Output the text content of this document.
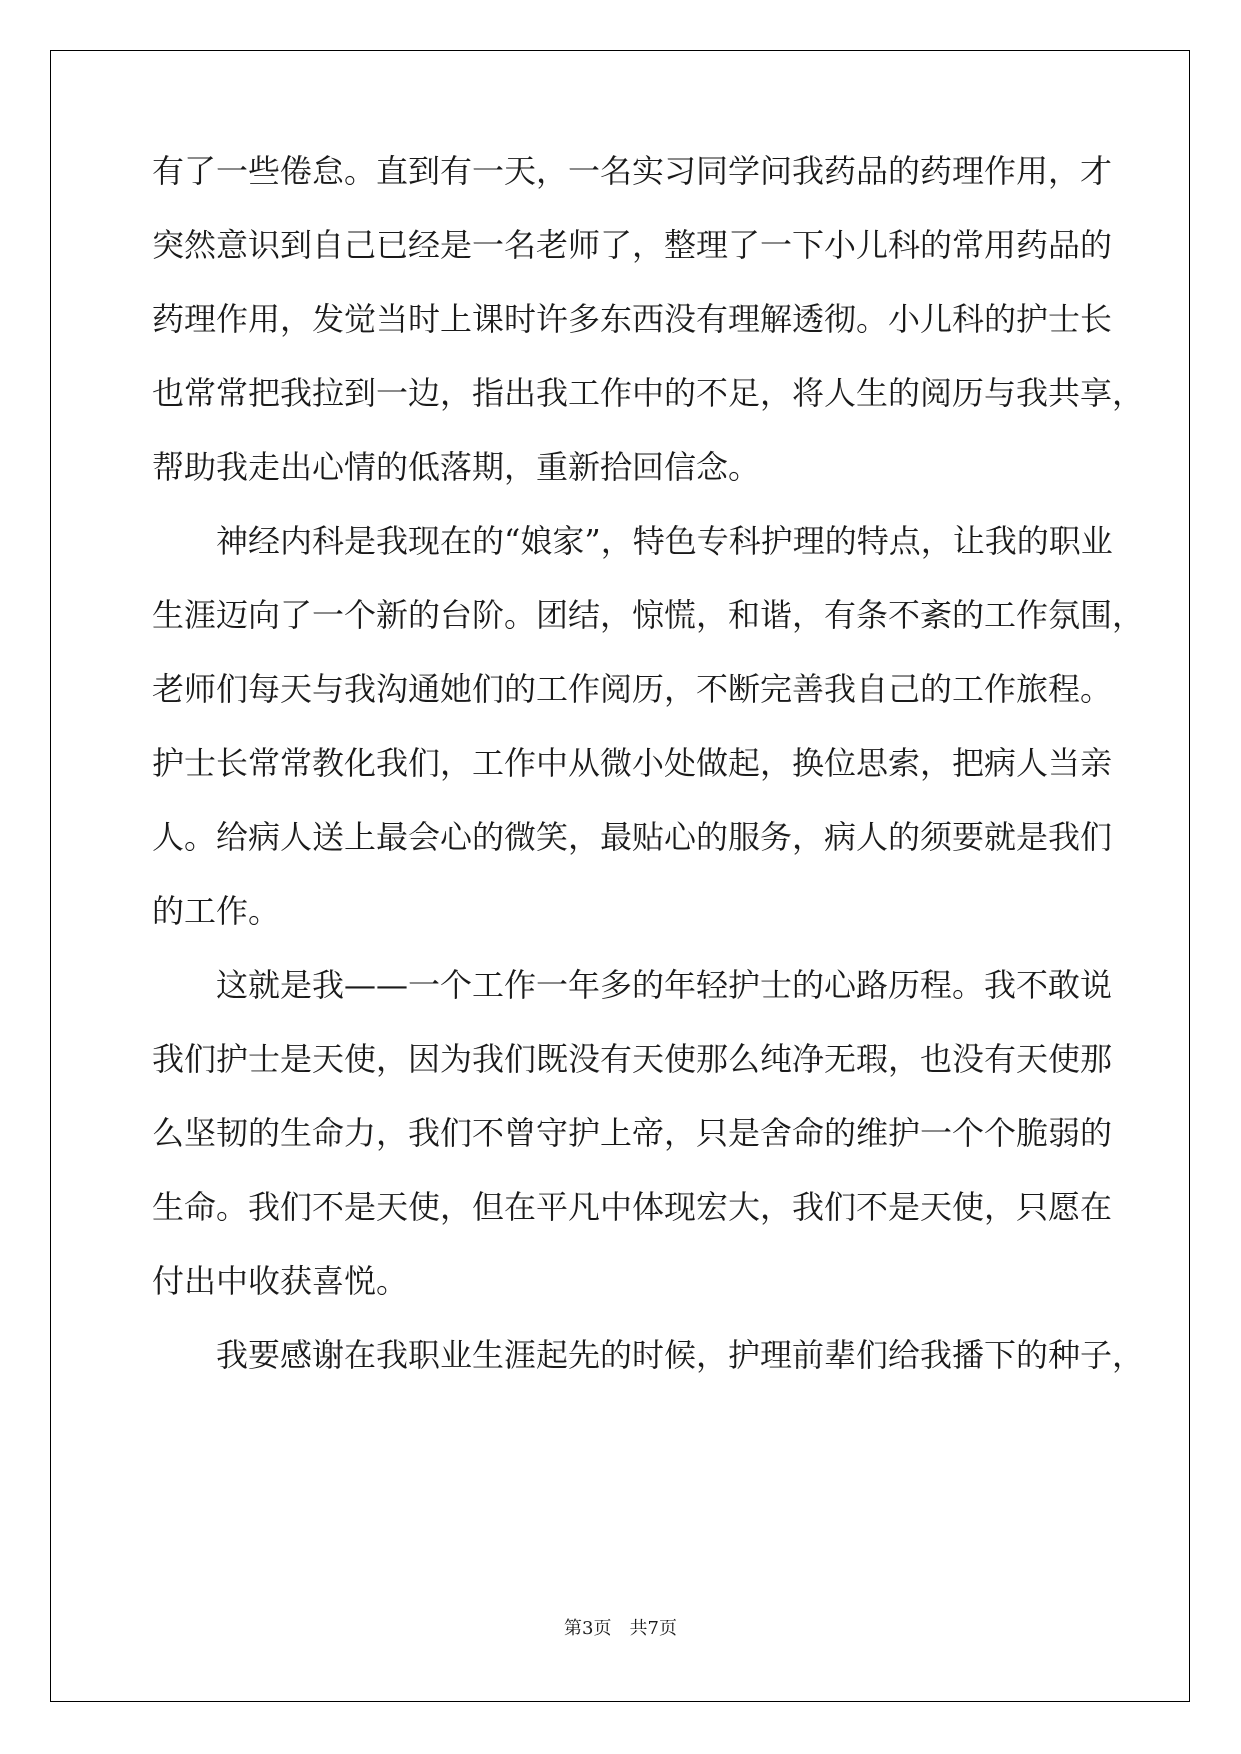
有了一些倦怠。直到有一天，一名实习同学问我药品的药理作用，才

突然意识到自己已经是一名老师了，整理了一下小儿科的常用药品的

药理作用，发觉当时上课时许多东西没有理解透彻。小儿科的护士长

也常常把我拉到一边，指出我工作中的不足，将人生的阅历与我共享，

帮助我走出心情的低落期，重新拾回信念。

　　神经内科是我现在的“娘家”，特色专科护理的特点，让我的职业

生涯迈向了一个新的台阶。团结，惊慌，和谐，有条不紊的工作氛围，

老师们每天与我沟通她们的工作阅历，不断完善我自己的工作旅程。

护士长常常教化我们，工作中从微小处做起，换位思索，把病人当亲

人。给病人送上最会心的微笑，最贴心的服务，病人的须要就是我们

的工作。

　　这就是我——一个工作一年多的年轻护士的心路历程。我不敢说

我们护士是天使，因为我们既没有天使那么纯净无瑕，也没有天使那

么坚韧的生命力，我们不曾守护上帝，只是舍命的维护一个个脆弱的

生命。我们不是天使，但在平凡中体现宏大，我们不是天使，只愿在

付出中收获喜悦。

　　我要感谢在我职业生涯起先的时候，护理前辈们给我播下的种子，

第3页　共7页
